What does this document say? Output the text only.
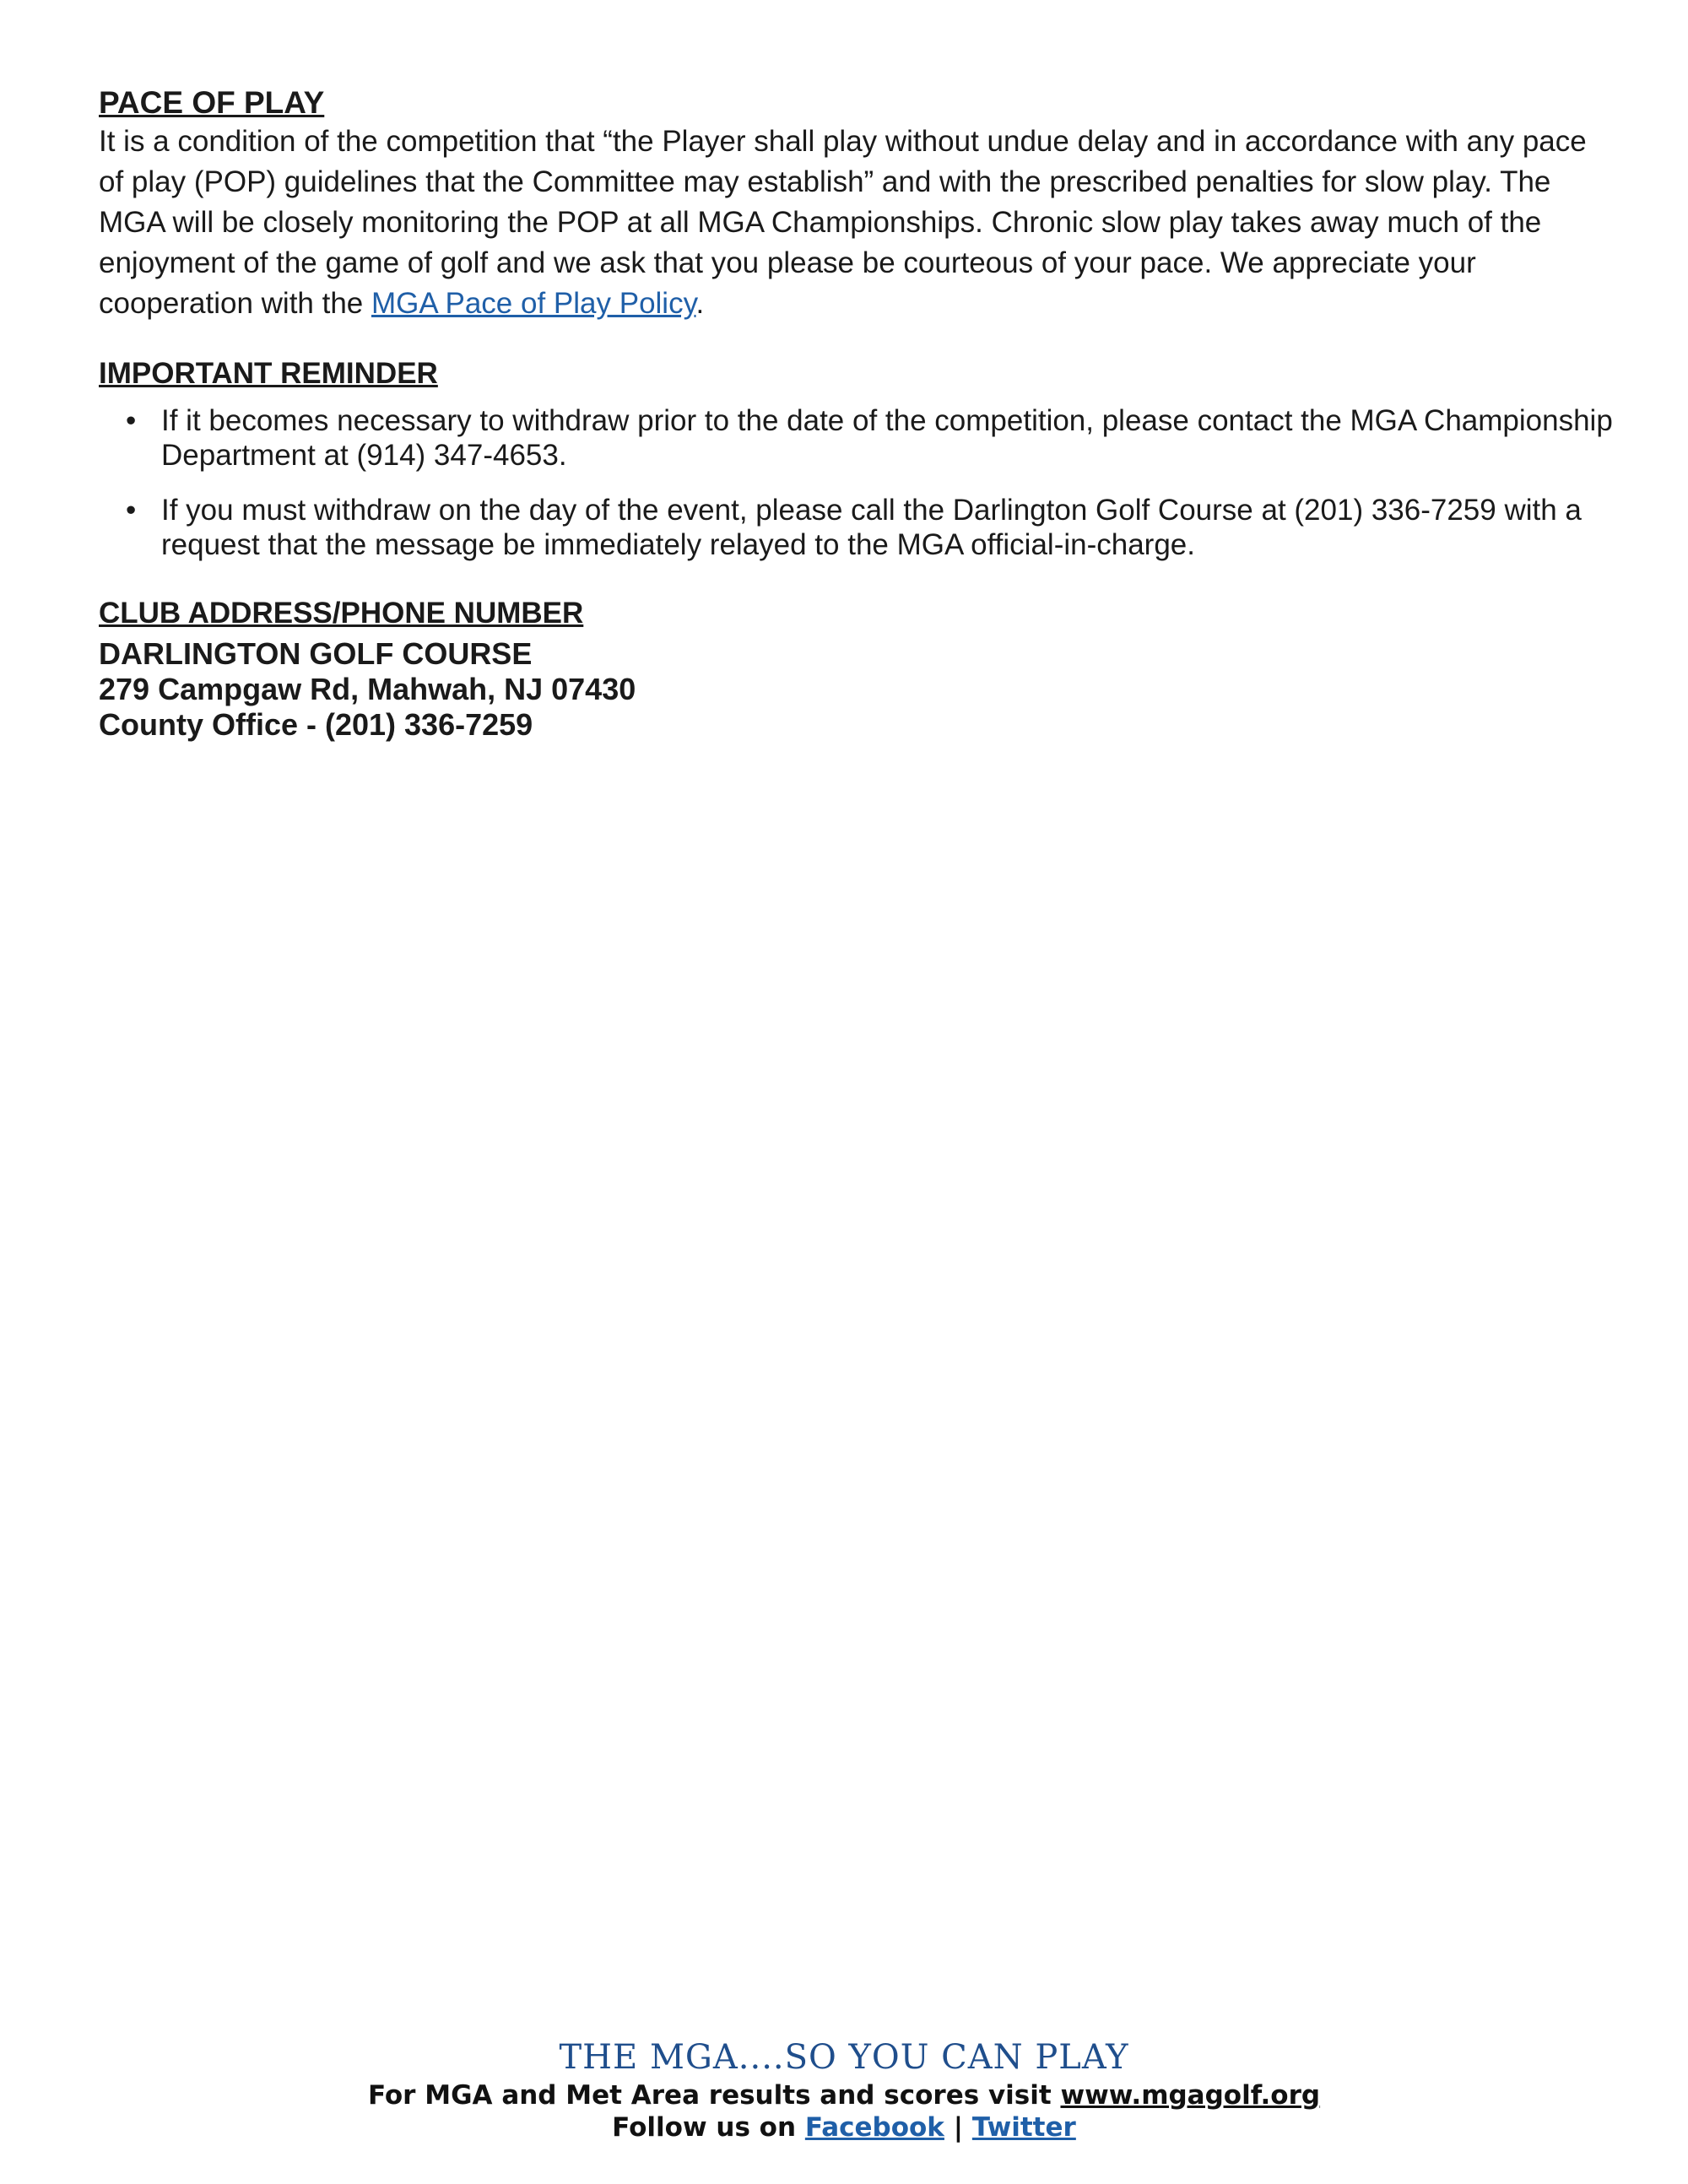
PACE OF PLAY

It is a condition of the competition that “the Player shall play without undue delay and in accordance with any pace of play (POP) guidelines that the Committee may establish” and with the prescribed penalties for slow play. The MGA will be closely monitoring the POP at all MGA Championships. Chronic slow play takes away much of the enjoyment of the game of golf and we ask that you please be courteous of your pace. We appreciate your cooperation with the MGA Pace of Play Policy.

IMPORTANT REMINDER
• If it becomes necessary to withdraw prior to the date of the competition, please contact the MGA Championship Department at (914) 347-4653.
• If you must withdraw on the day of the event, please call the Darlington Golf Course at (201) 336-7259 with a request that the message be immediately relayed to the MGA official-in-charge.
CLUB ADDRESS/PHONE NUMBER

DARLINGTON GOLF COURSE

279 Campgaw Rd, Mahwah, NJ 07430

County Office - (201) 336-7259

THE MGA....SO YOU CAN PLAY
For MGA and Met Area results and scores visit www.mgagolf.org
Follow us on Facebook | Twitter
